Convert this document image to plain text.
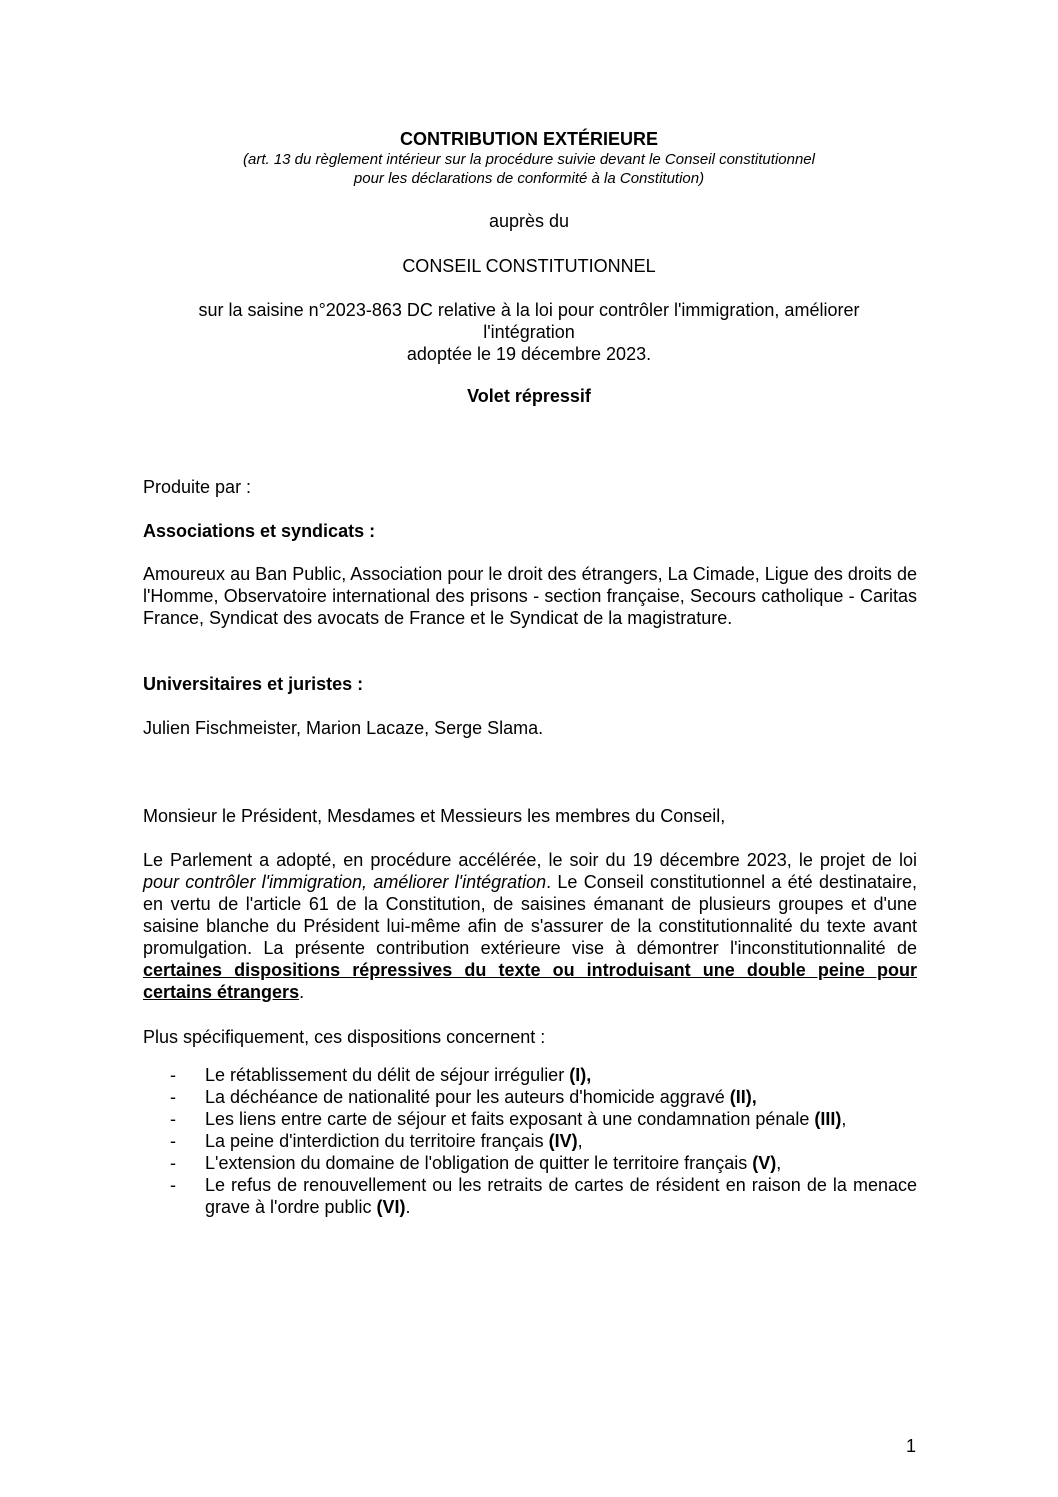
CONTRIBUTION EXTÉRIEURE
(art. 13 du règlement intérieur sur la procédure suivie devant le Conseil constitutionnel
pour les déclarations de conformité à la Constitution)
auprès du
CONSEIL CONSTITUTIONNEL
sur la saisine n°2023-863 DC relative à la loi pour contrôler l'immigration, améliorer
l'intégration
adoptée le 19 décembre 2023.
Volet répressif
Produite par :
Associations et syndicats :
Amoureux au Ban Public, Association pour le droit des étrangers, La Cimade, Ligue des droits de l'Homme, Observatoire international des prisons - section française, Secours catholique - Caritas France, Syndicat des avocats de France et le Syndicat de la magistrature.
Universitaires et juristes :
Julien Fischmeister, Marion Lacaze, Serge Slama.
Monsieur le Président, Mesdames et Messieurs les membres du Conseil,
Le Parlement a adopté, en procédure accélérée, le soir du 19 décembre 2023, le projet de loi pour contrôler l'immigration, améliorer l'intégration. Le Conseil constitutionnel a été destinataire, en vertu de l'article 61 de la Constitution, de saisines émanant de plusieurs groupes et d'une saisine blanche du Président lui-même afin de s'assurer de la constitutionnalité du texte avant promulgation. La présente contribution extérieure vise à démontrer l'inconstitutionnalité de certaines dispositions répressives du texte ou introduisant une double peine pour certains étrangers.
Plus spécifiquement, ces dispositions concernent :
- Le rétablissement du délit de séjour irrégulier (I),
- La déchéance de nationalité pour les auteurs d'homicide aggravé (II),
- Les liens entre carte de séjour et faits exposant à une condamnation pénale (III),
- La peine d'interdiction du territoire français (IV),
- L'extension du domaine de l'obligation de quitter le territoire français (V),
- Le refus de renouvellement ou les retraits de cartes de résident en raison de la menace grave à l'ordre public (VI).
1
